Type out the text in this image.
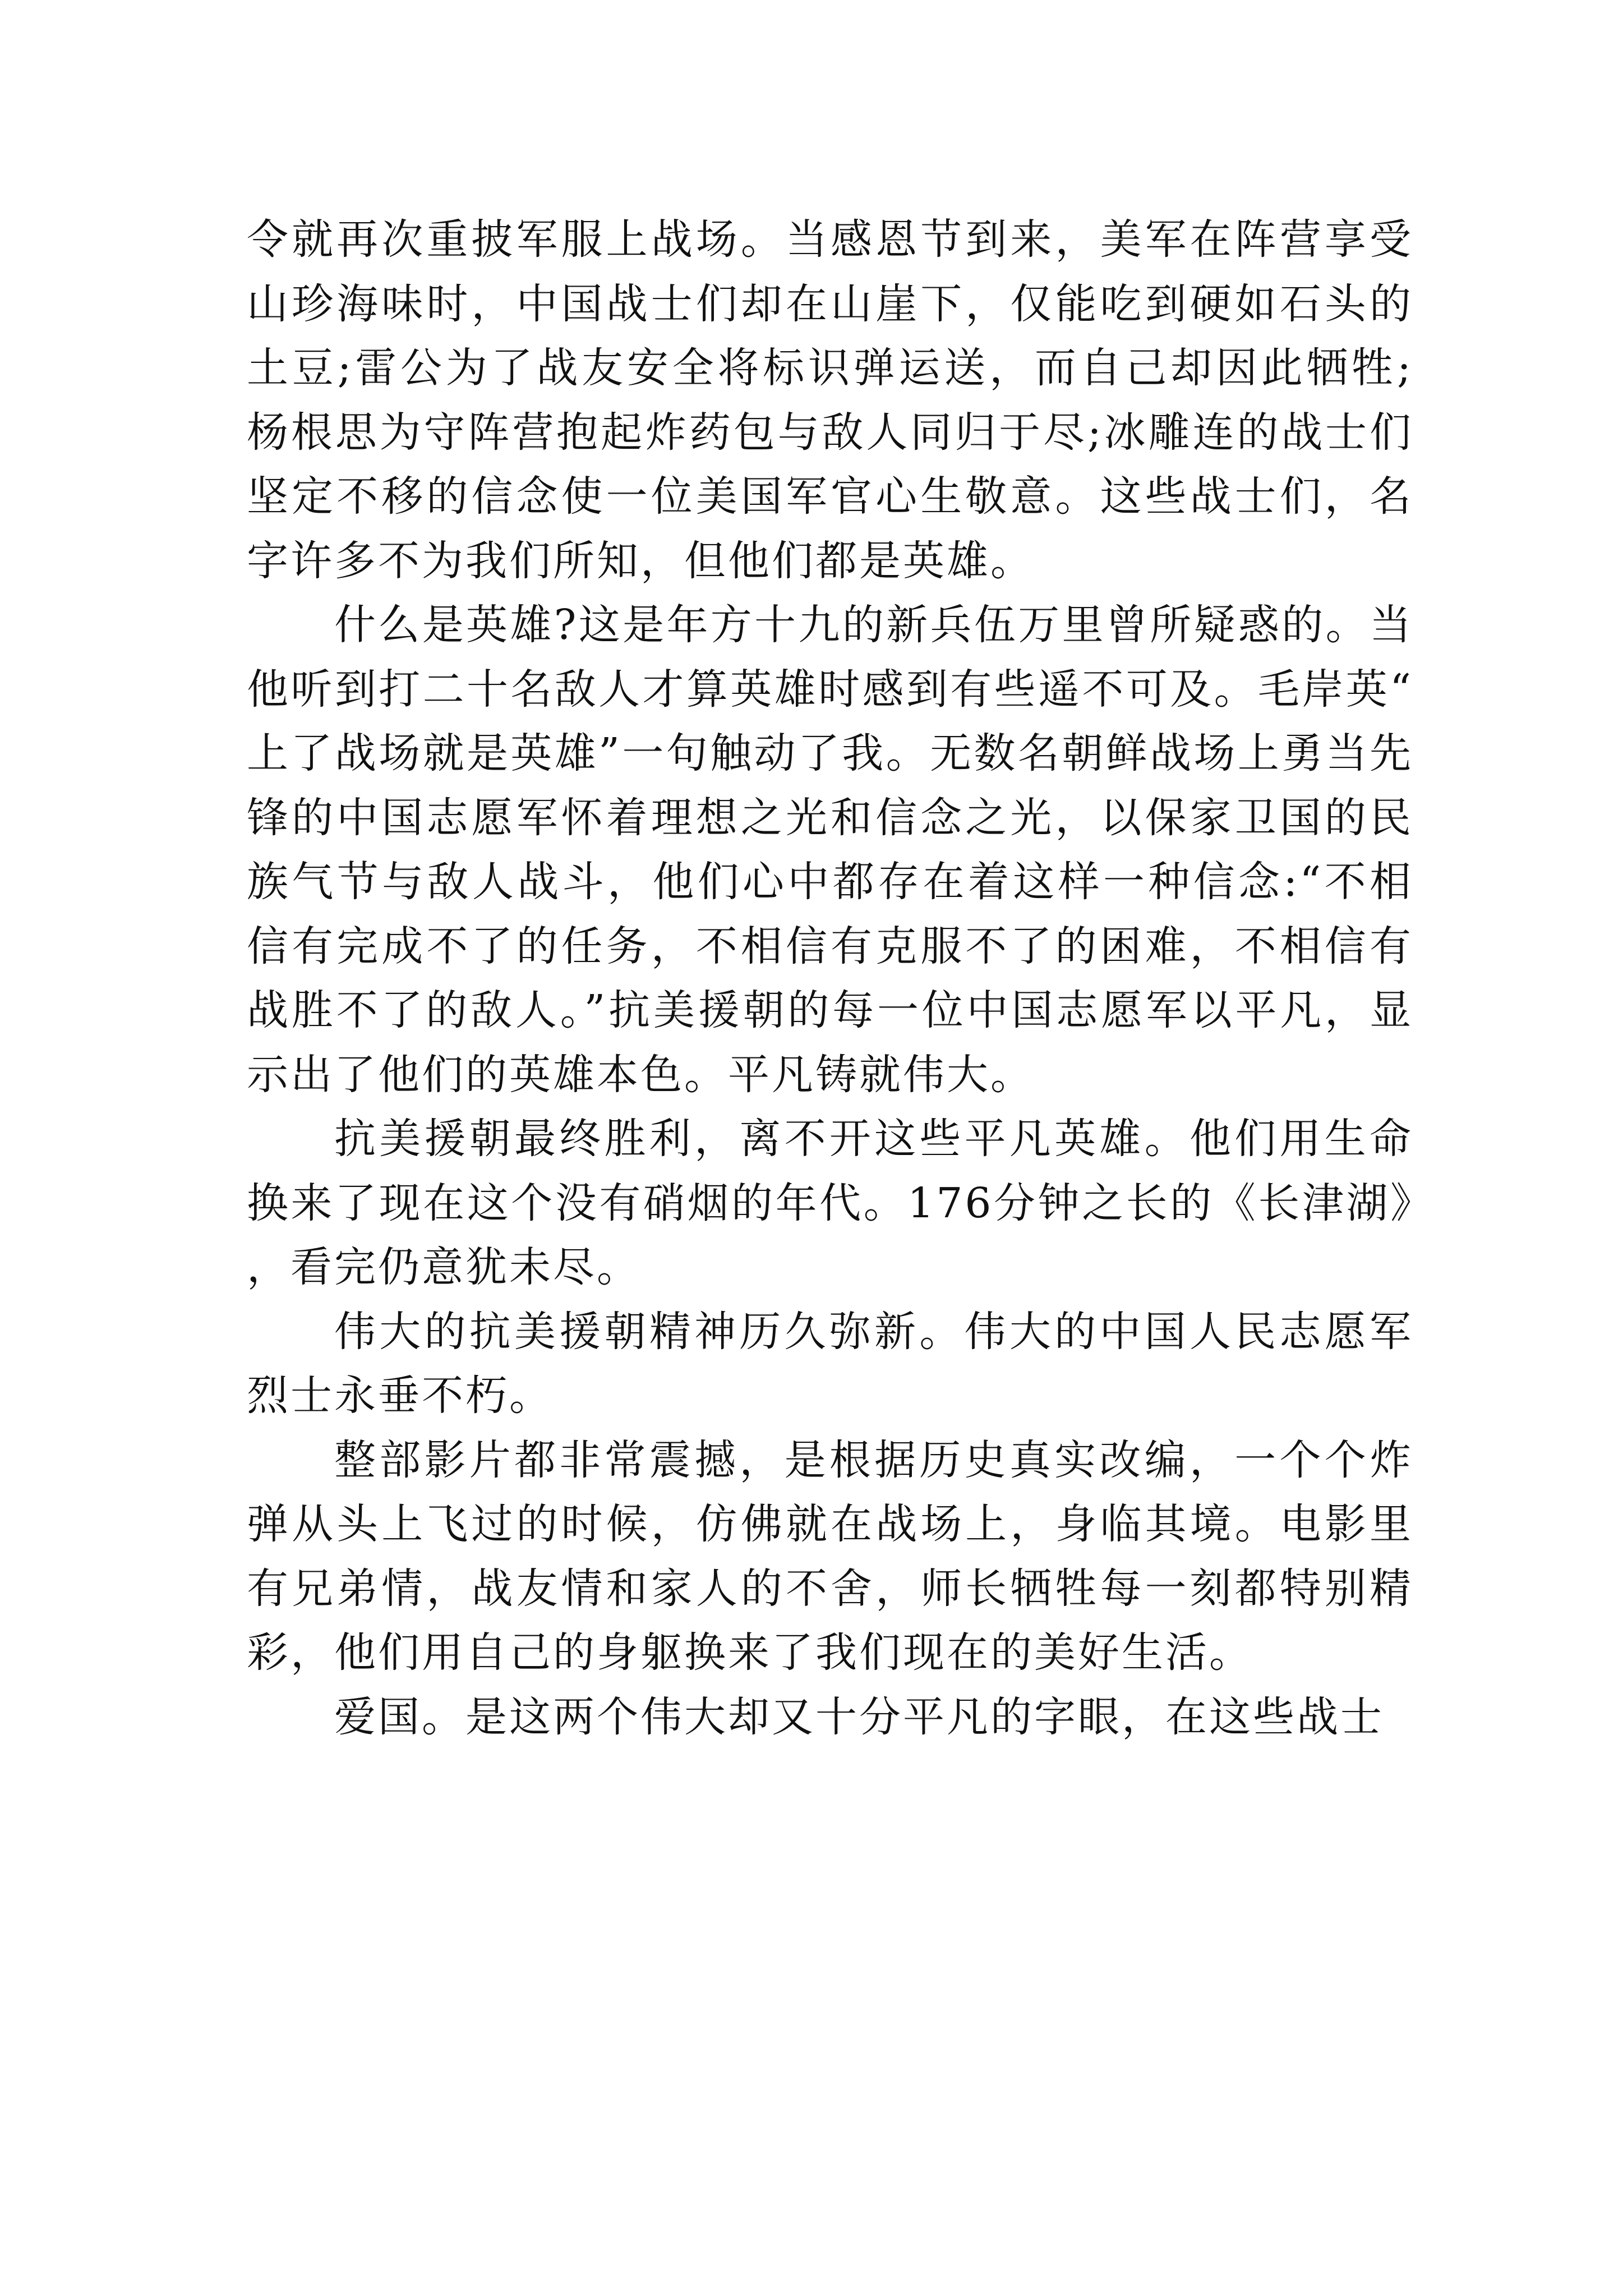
令就再次重披军服上战场。当感恩节到来，美军在阵营享受山珍海味时，中国战士们却在山崖下，仅能吃到硬如石头的土豆;雷公为了战友安全将标识弹运送，而自己却因此牺牲;杨根思为守阵营抱起炸药包与敌人同归于尽;冰雕连的战士们坚定不移的信念使一位美国军官心生敬意。这些战士们，名字许多不为我们所知，但他们都是英雄。

什么是英雄?这是年方十九的新兵伍万里曾所疑惑的。当他听到打二十名敌人才算英雄时感到有些遥不可及。毛岸英“上了战场就是英雄”一句触动了我。无数名朝鲜战场上勇当先锋的中国志愿军怀着理想之光和信念之光，以保家卫国的民族气节与敌人战斗，他们心中都存在着这样一种信念:“不相信有完成不了的任务，不相信有克服不了的困难，不相信有战胜不了的敌人。”抗美援朝的每一位中国志愿军以平凡，显示出了他们的英雄本色。平凡铸就伟大。

抗美援朝最终胜利，离不开这些平凡英雄。他们用生命换来了现在这个没有硝烟的年代。176分钟之长的《长津湖》，看完仍意犹未尽。

伟大的抗美援朝精神历久弥新。伟大的中国人民志愿军烈士永垂不朽。

整部影片都非常震撼，是根据历史真实改编，一个个炸弹从头上飞过的时候，仿佛就在战场上，身临其境。电影里有兄弟情，战友情和家人的不舍，师长牺牲每一刻都特别精彩，他们用自己的身躯换来了我们现在的美好生活。

爱国。是这两个伟大却又十分平凡的字眼，在这些战士
